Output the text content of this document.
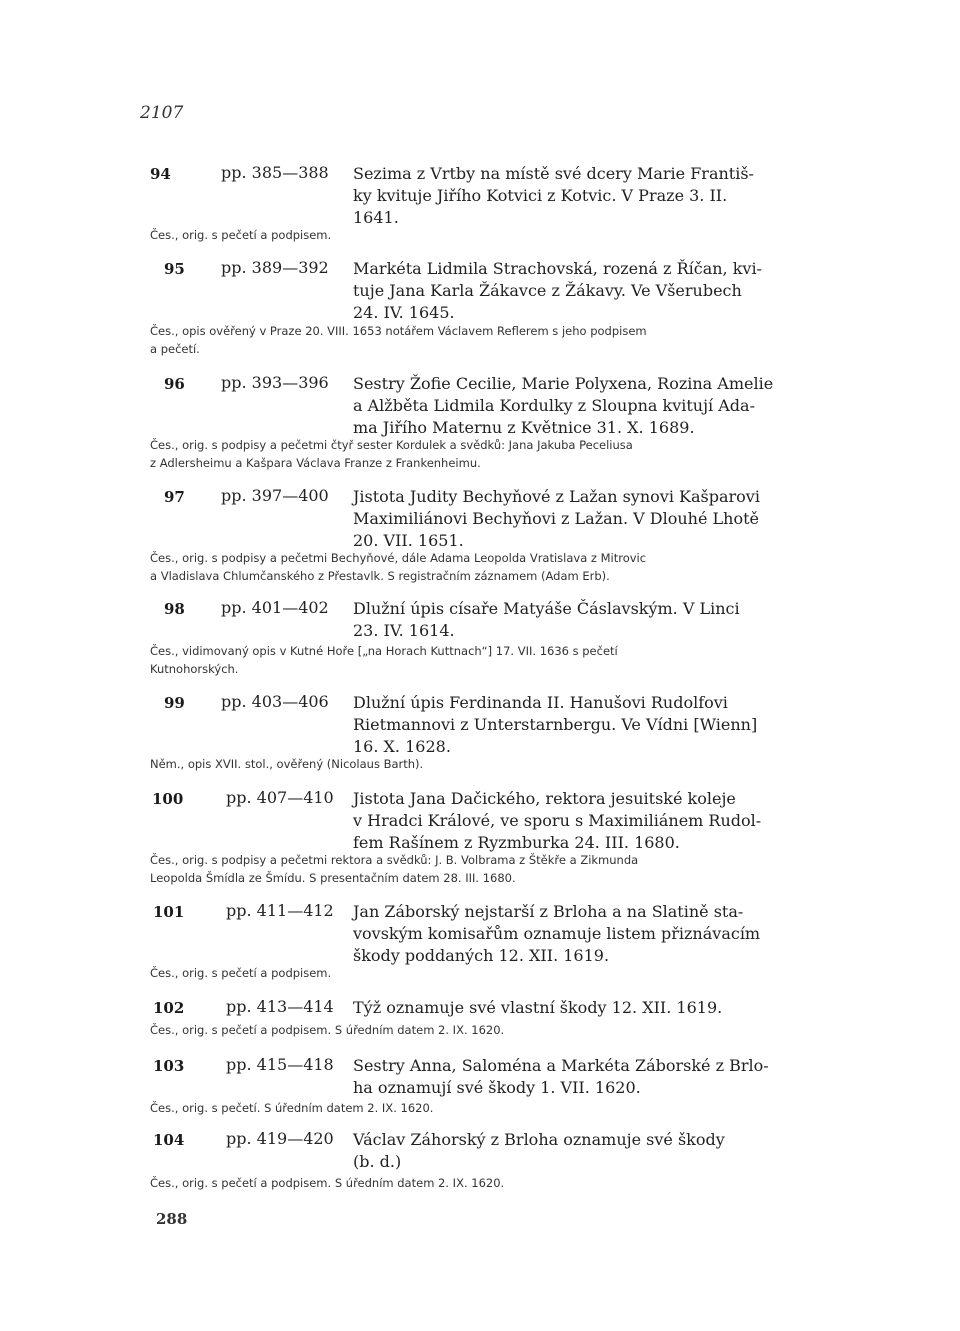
2107
94	pp. 385—388 Sezima z Vrtby na místě své dcery Marie Františ-
ky kvituje Jiřího Kotvici z Kotvic. V Praze 3. II.
1641.
Čes., orig. s pečetí a podpisem.
95 pp. 389—392 Markéta Lidmila Strachovská, rozená z Říčan, kvi-
tuje Jana Karla Žákavce z Žákavy. Ve Všerubech
24. IV. 1645.
Čes., opis ověřený v Praze 20. VIII. 1653 notářem Václavem Reflerem s jeho podpisem
a pečetí.
96 pp. 393—396 Sestry Žofie Cecilie, Marie Polyxena, Rozina Amelie
a Alžběta Lidmila Kordulky z Sloupna kvitují Ada-
ma Jiřího Maternu z Květnice 31. X. 1689.
Čes., orig. s podpisy a pečetmi čtyř sester Kordulek a svědků: Jana Jakuba Peceliusa
z Adlersheimu a Kašpara Václava Franze z Frankenheimu.
97 pp. 397—400 Jistota Judity Bechyňové z Lažan synovi Kašparovi
Maximiliánovi Bechyňovi z Lažan. V Dlouhé Lhotě
20. VII. 1651.
Čes., orig. s podpisy a pečetmi Bechyňové, dále Adama Leopolda Vratislava z Mitrovic
a Vladislava Chlumčanského z Přestavlk. S registračním záznamem (Adam Erb).
98 pp. 401—402 Dlužní úpis císaře Matyáše Čáslavským. V Linci
23. IV. 1614.
Čes., vidimovaný opis v Kutné Hoře [„na Horach Kuttnach“] 17. VII. 1636 s pečetí
Kutnohorských.
99 pp. 403—406 Dlužní úpis Ferdinanda II. Hanušovi Rudolfovi
Rietmannovi z Unterstarnbergu. Ve Vídni [Wienn]
16. X. 1628.
Něm., opis XVII. stol., ověřený (Nicolaus Barth).
100	pp. 407—410 Jistota Jana Dačického, rektora jesuitské koleje
v Hradci Králové, ve sporu s Maximiliánem Rudol-
fem Rašínem z Ryzmburka 24. III. 1680.
Čes., orig. s podpisy a pečetmi rektora a svědků: J. B. Volbrama z Štěkře a Zikmunda
Leopolda Šmídla ze Šmídu. S presentačním datem 28. III. 1680.
101	pp. 411—412 Jan Záborský nejstarší z Brloha a na Slatině sta-
vovským komisařům oznamuje listem přiznávacím
škody poddaných 12. XII. 1619.
Čes., orig. s pečetí a podpisem.
102	pp. 413—414 Týž oznamuje své vlastní škody 12. XII. 1619.
Čes., orig. s pečetí a podpisem. S úředním datem 2. IX. 1620.
103	pp. 415—418 Sestry Anna, Saloména a Markéta Záborské z Brlo-
ha oznamují své škody 1. VII. 1620.
Čes., orig. s pečetí. S úředním datem 2. IX. 1620.
104	pp. 419—420 Václav Záhorský z Brloha oznamuje své škody
(b. d.)
Čes., orig. s pečetí a podpisem. S úředním datem 2. IX. 1620.
288
